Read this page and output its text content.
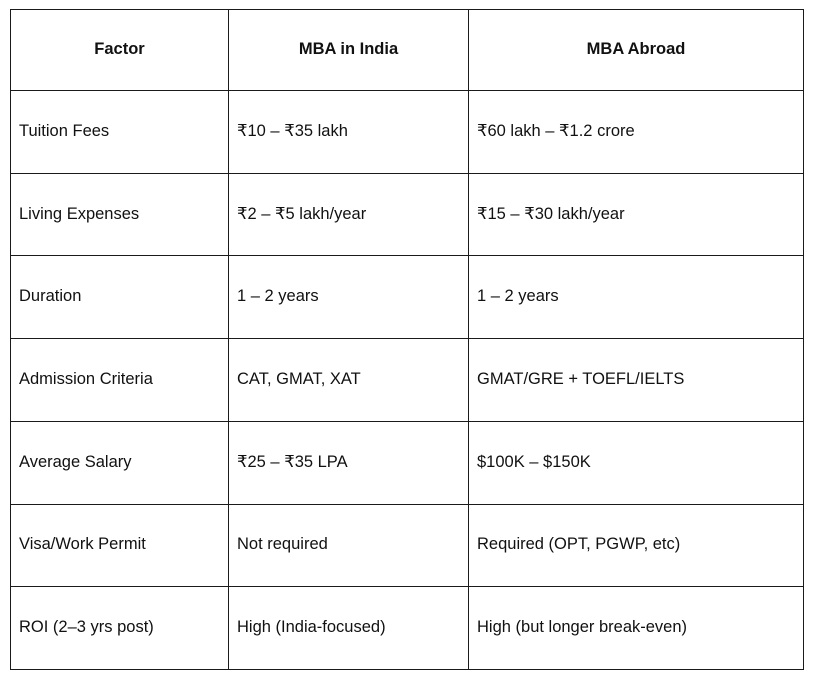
Factor	MBA in India	MBA Abroad
Tuition Fees	₹10 – ₹35 lakh	₹60 lakh – ₹1.2 crore
Living Expenses	₹2 – ₹5 lakh/year	₹15 – ₹30 lakh/year
Duration	1 – 2 years	1 – 2 years
Admission Criteria	CAT, GMAT, XAT	GMAT/GRE + TOEFL/IELTS
Average Salary	₹25 – ₹35 LPA	$100K – $150K
Visa/Work Permit	Not required	Required (OPT, PGWP, etc)
ROI (2–3 yrs post)	High (India-focused)	High (but longer break-even)
